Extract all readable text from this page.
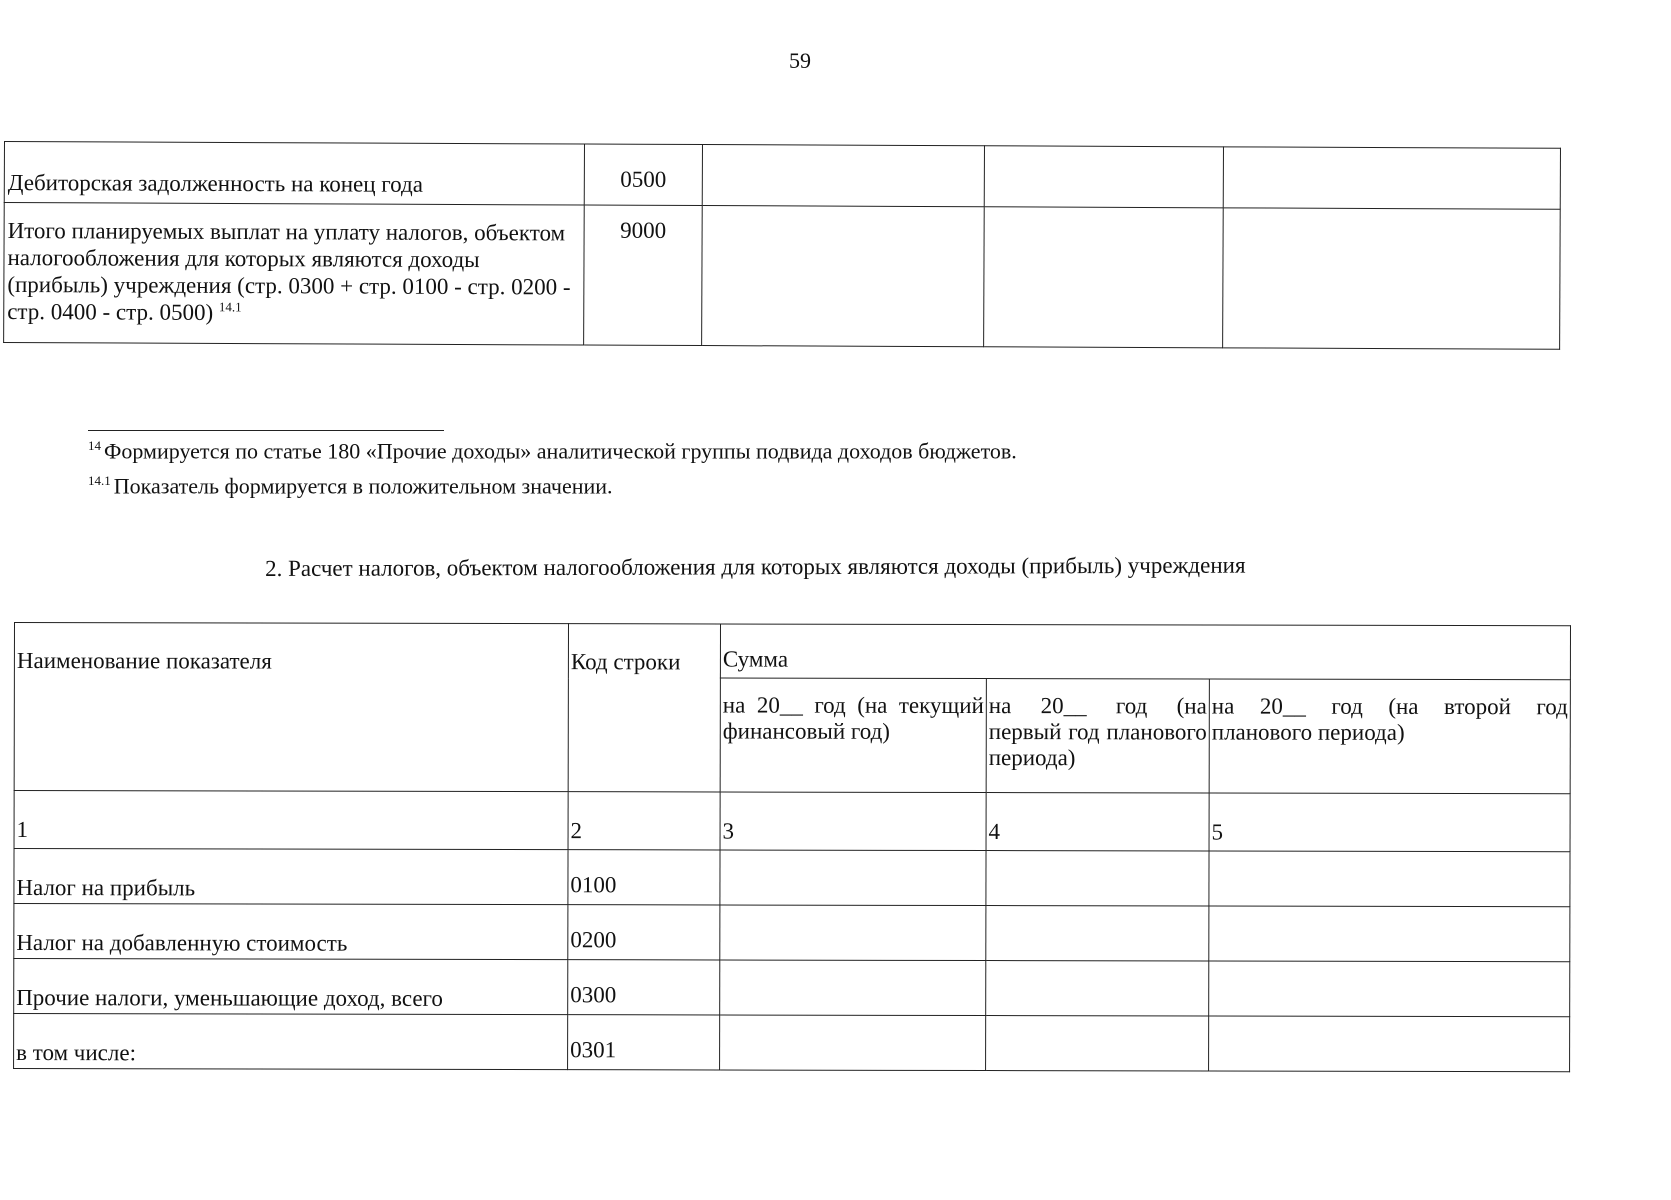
59
Дебиторская задолженность на конец года	0500			
Итого планируемых выплат на уплату налогов, объектом налогообложения для которых являются доходы (прибыль) учреждения (стр. 0300 + стр. 0100 - стр. 0200 - стр. 0400 - стр. 0500) $^{14.1}$	9000			
$^{14}$ Формируется по статье 180 «Прочие доходы» аналитической группы подвида доходов бюджетов.
$^{14.1}$ Показатель формируется в положительном значении.
2. Расчет налогов, объектом налогообложения для которых являются доходы (прибыль) учреждения
Наименование показателя	Код строки	Сумма		
		на 20__ год (на текущий финансовый год)	на 20__ год (на первый год планового периода)	на 20__ год (на второй год планового периода)
1	2	3	4	5
Налог на прибыль	0100			
Налог на добавленную стоимость	0200			
Прочие налоги, уменьшающие доход, всего	0300			
в том числе:	0301			
